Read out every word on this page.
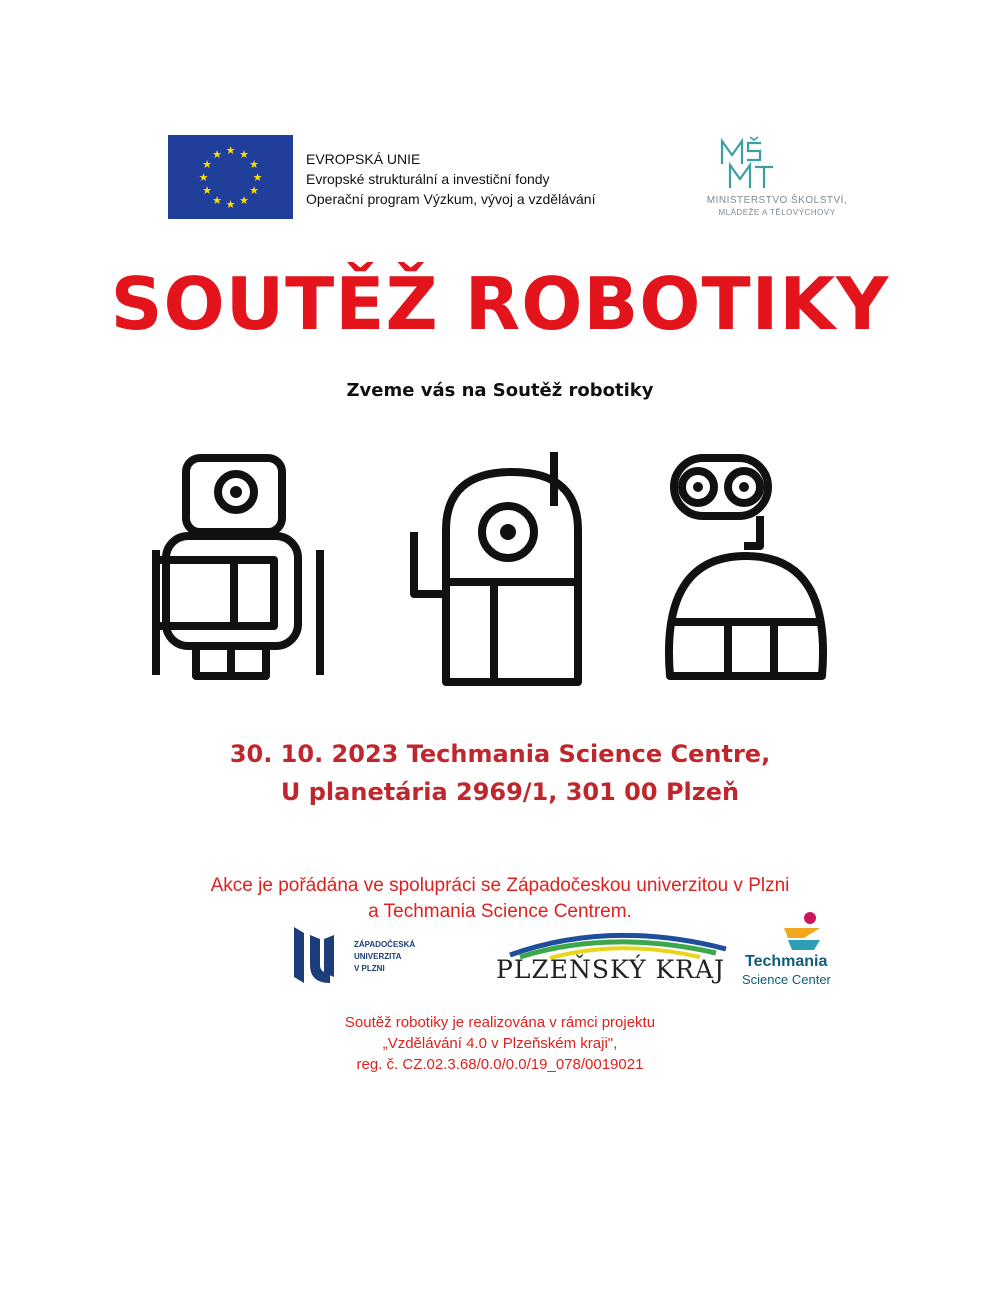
★ ★
★
★
★
★
★
★
★
★
★
★	EVROPSKÁ UNIE
Evropské strukturální a investiční fondy
Operační program Výzkum, vývoj a vzdělávání	MINISTERSTVO ŠKOLSTVÍ,
MLÁDEŽE A TĚLOVÝCHOVY
SOUTĚŽ ROBOTIKY
Zveme vás na Soutěž robotiky
30. 10. 2023 Techmania Science Centre,
U planetária 2969/1, 301 00 Plzeň
Akce je pořádána ve spolupráci se Západočeskou univerzitou v Plzni
a Techmania Science Centrem.
ZÁPADOČESKÁ
UNIVERZITA
V PLZNI	PLZEŇSKÝ KRAJ Techmania
Science Center
Soutěž robotiky je realizována v rámci projektu
„Vzdělávání 4.0 v Plzeňském kraji",
reg. č. CZ.02.3.68/0.0/0.0/19_078/0019021
